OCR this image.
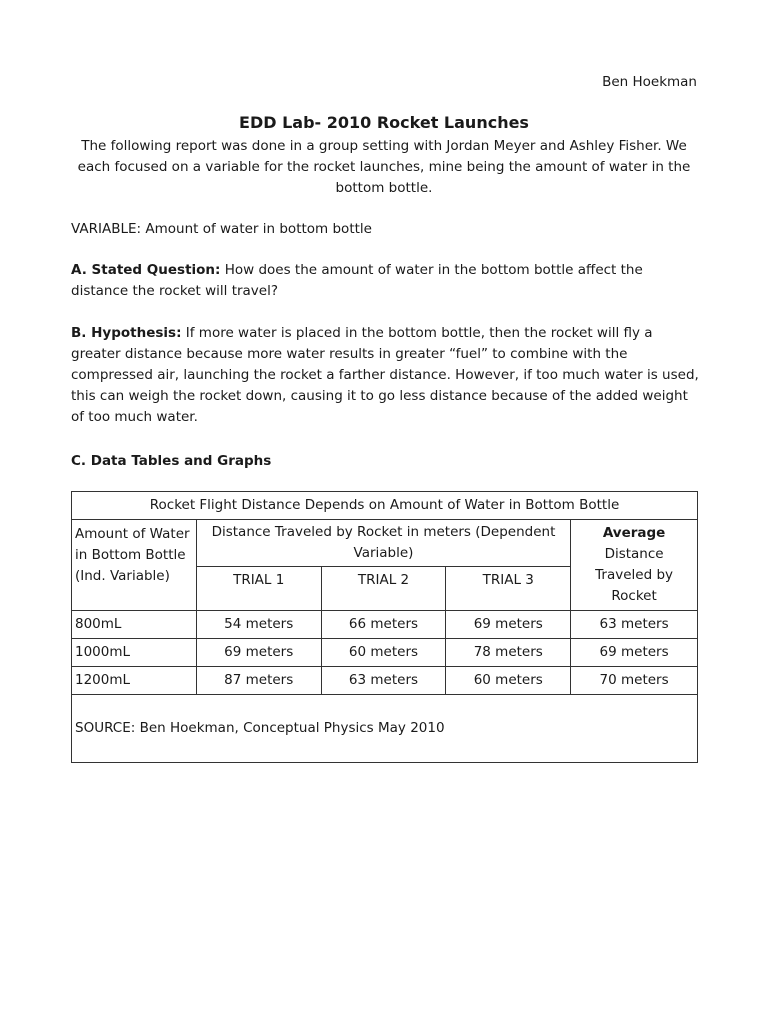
Ben Hoekman
EDD Lab- 2010 Rocket Launches
The following report was done in a group setting with Jordan Meyer and Ashley Fisher. We each focused on a variable for the rocket launches, mine being the amount of water in the bottom bottle.
VARIABLE: Amount of water in bottom bottle
A. Stated Question: How does the amount of water in the bottom bottle affect the distance the rocket will travel?
B. Hypothesis: If more water is placed in the bottom bottle, then the rocket will fly a greater distance because more water results in greater “fuel” to combine with the compressed air, launching the rocket a farther distance. However, if too much water is used, this can weigh the rocket down, causing it to go less distance because of the added weight of too much water.
C. Data Tables and Graphs
Rocket Flight Distance Depends on Amount of Water in Bottom Bottle				
Amount of Water in Bottom Bottle (Ind. Variable)	Distance Traveled by Rocket in meters (Dependent Variable)			Average
Distance Traveled by Rocket
	TRIAL 1	TRIAL 2	TRIAL 3	
800mL	54 meters	66 meters	69 meters	63 meters
1000mL	69 meters	60 meters	78 meters	69 meters
1200mL	87 meters	63 meters	60 meters	70 meters
SOURCE: Ben Hoekman, Conceptual Physics May 2010				
